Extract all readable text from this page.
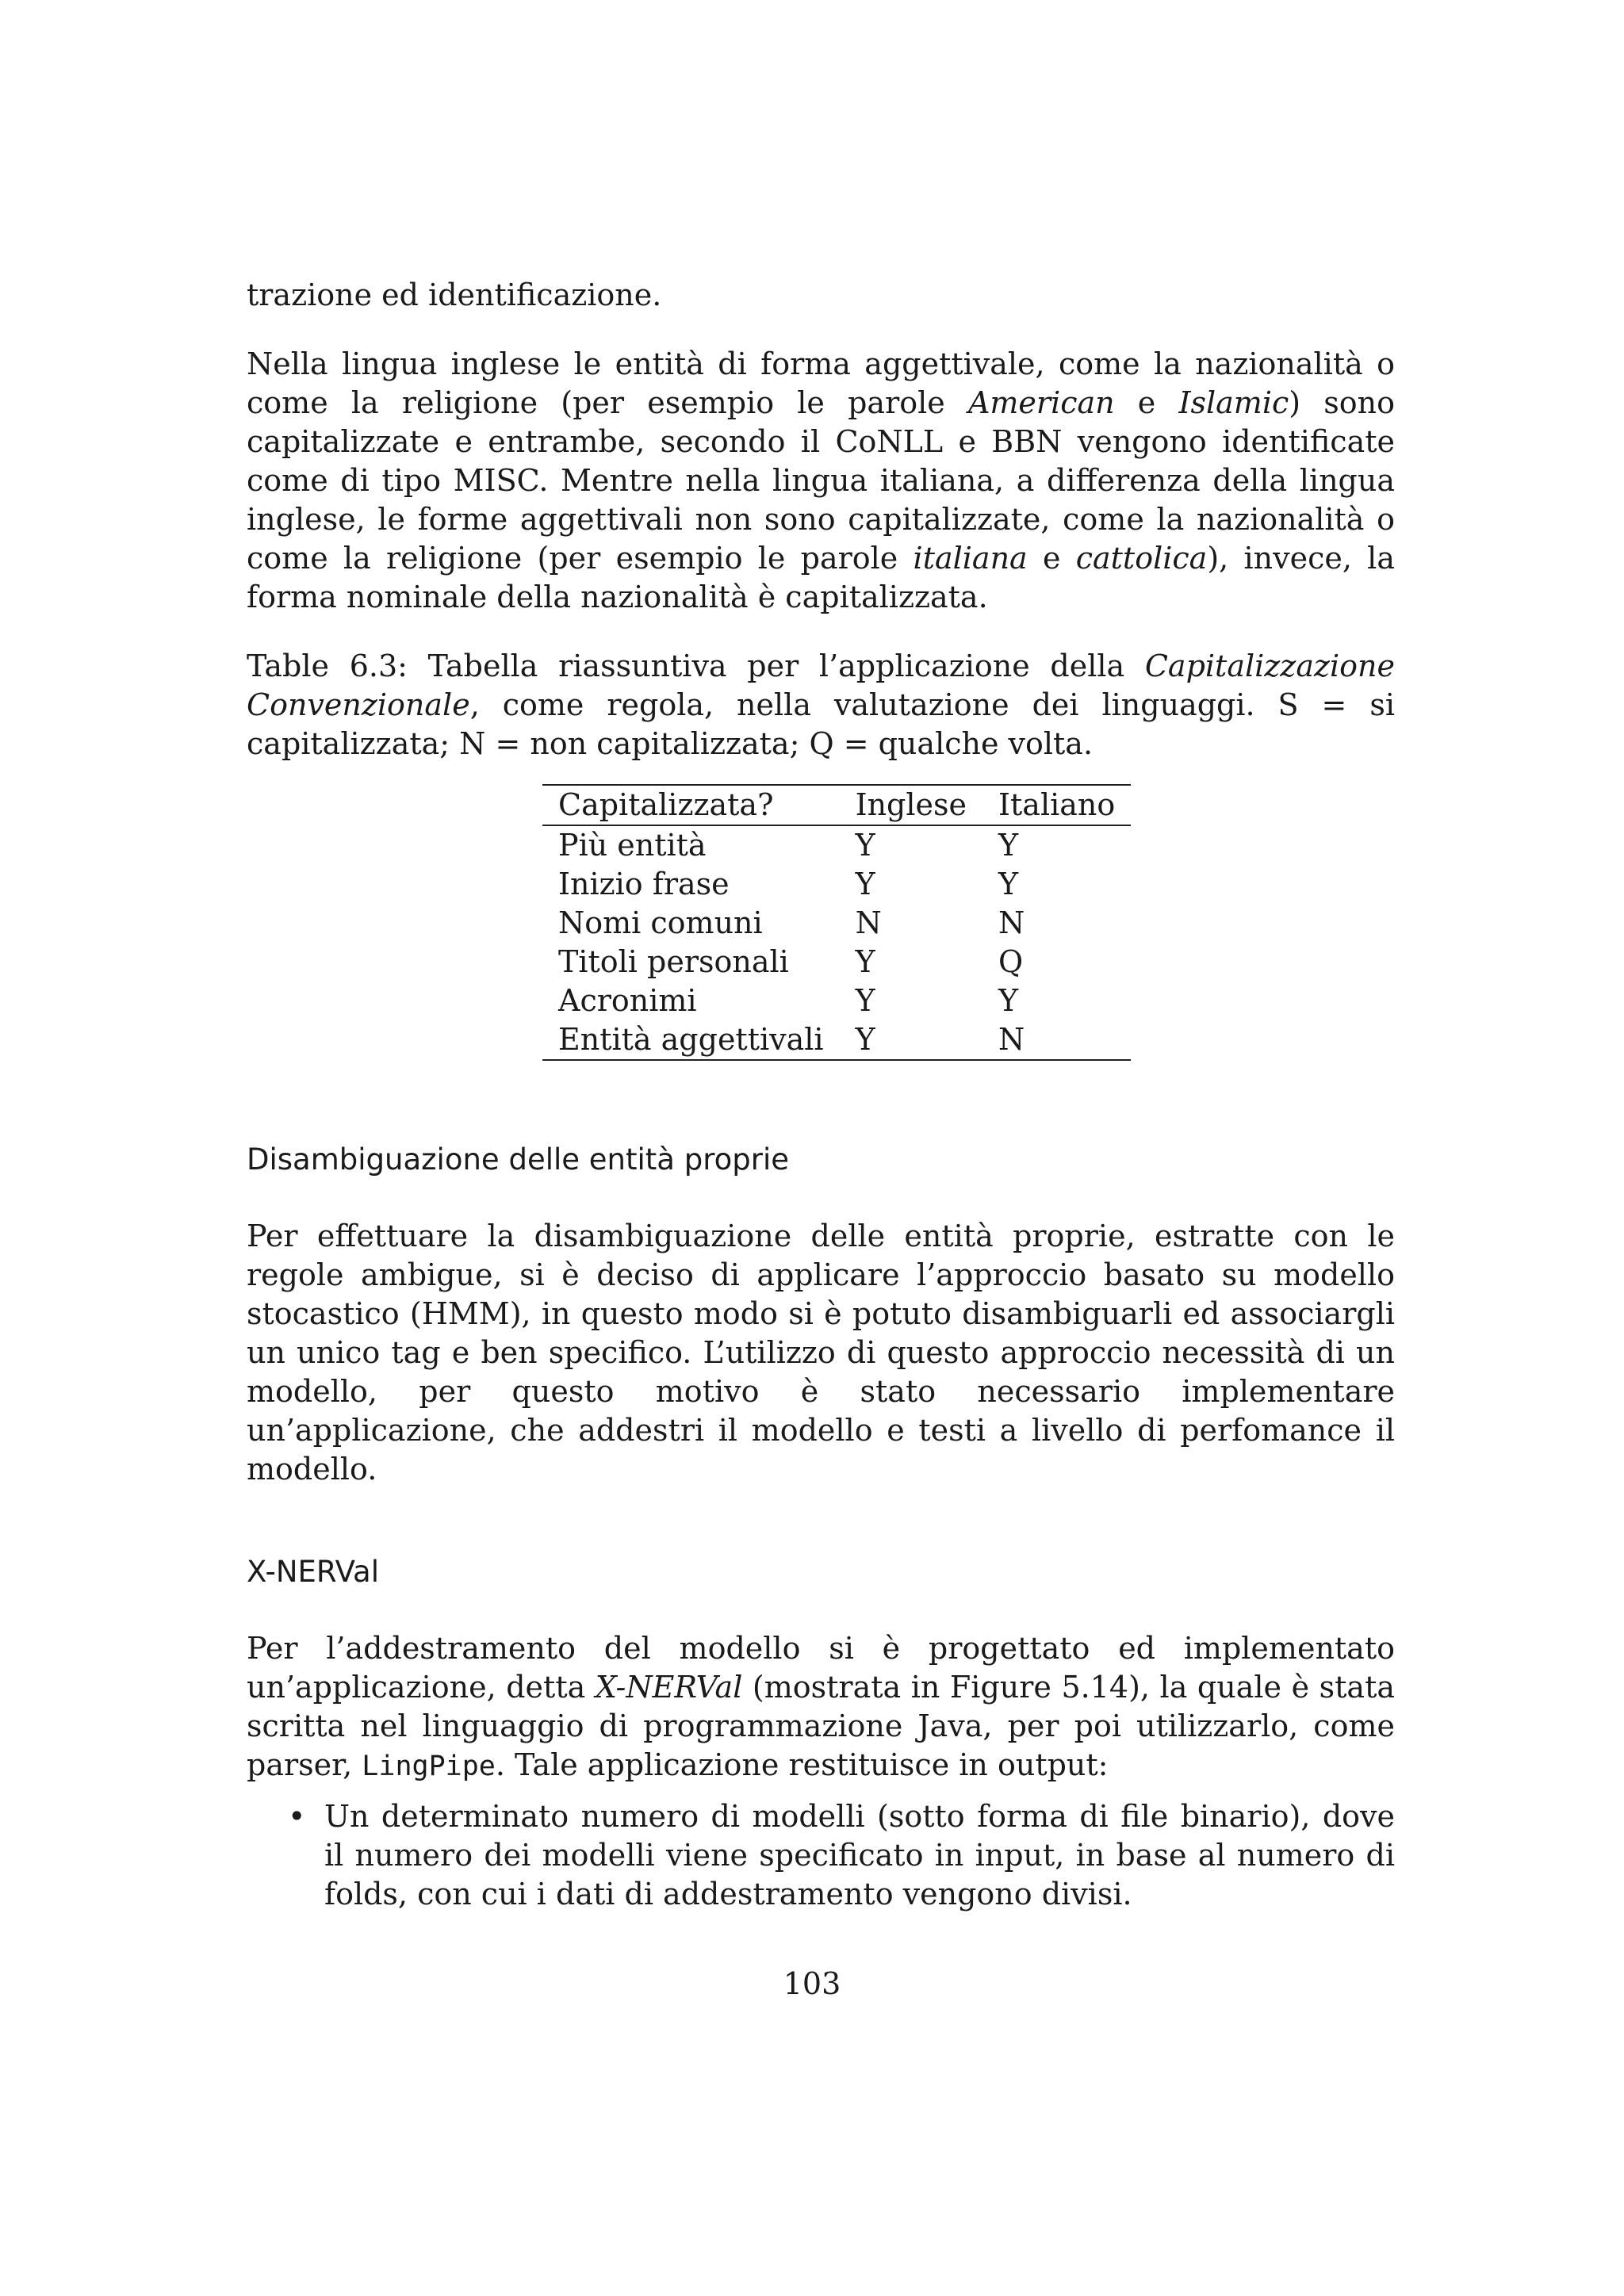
trazione ed identificazione.

Nella lingua inglese le entità di forma aggettivale, come la nazionalità o come la religione (per esempio le parole American e Islamic) sono capitalizzate e entrambe, secondo il CoNLL e BBN vengono identificate come di tipo MISC. Mentre nella lingua italiana, a differenza della lingua inglese, le forme aggettivali non sono capitalizzate, come la nazionalità o come la religione (per esempio le parole italiana e cattolica), invece, la forma nominale della nazionalità è capitalizzata.

Table 6.3: Tabella riassuntiva per l’applicazione della Capitalizzazione Convenzionale, come regola, nella valutazione dei linguaggi. S = si capitalizzata; N = non capitalizzata; Q = qualche volta.

Capitalizzata?	Inglese	Italiano
Più entità	Y	Y
Inizio frase	Y	Y
Nomi comuni	N	N
Titoli personali	Y	Q
Acronimi	Y	Y
Entità aggettivali	Y	N
Disambiguazione delle entità proprie

Per effettuare la disambiguazione delle entità proprie, estratte con le regole ambigue, si è deciso di applicare l’approccio basato su modello stocastico (HMM), in questo modo si è potuto disambiguarli ed associargli un unico tag e ben specifico. L’utilizzo di questo approccio necessità di un modello, per questo motivo è stato necessario implementare un’applicazione, che addestri il modello e testi a livello di perfomance il modello.

X-NERVal

Per l’addestramento del modello si è progettato ed implementato un’applicazione, detta X-NERVal (mostrata in Figure 5.14), la quale è stata scritta nel linguaggio di programmazione Java, per poi utilizzarlo, come parser, LingPipe. Tale applicazione restituisce in output:

• Un determinato numero di modelli (sotto forma di file binario), dove il numero dei modelli viene specificato in input, in base al numero di folds, con cui i dati di addestramento vengono divisi.
103
